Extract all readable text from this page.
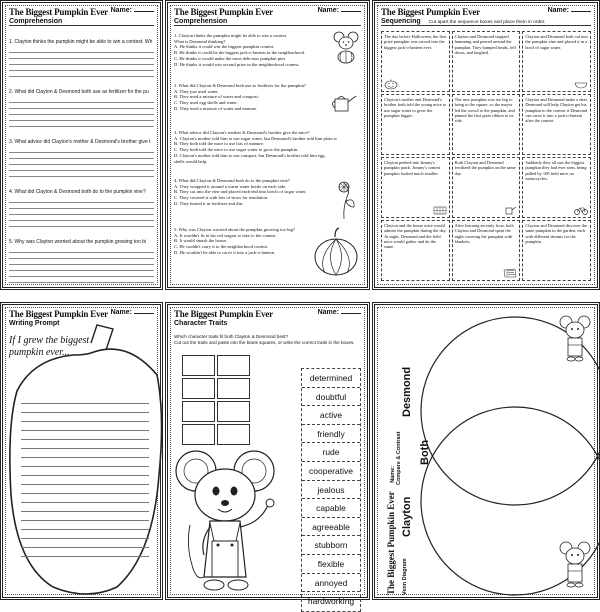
The Biggest Pumpkin Ever Name:
Comprehension
1. Clayton thinks the pumpkin might be able to win a contest. Wh
2. What did Clayton & Desmond both use as fertilizer for the pu
3. What advice did Clayton's mother & Desmond's brother give t
4. What did Clayton & Desmond both do to the pumpkin vine?
5. Why was Clayton worried about the pumpkin growing too bi
The Biggest Pumpkin Ever	Name:
Comprehension
1. Clayton thinks the pumpkin might be able to win a contest.
What is Desmond thinking?
A. He thinks it could win the biggest pumpkin contest.
B. He thinks it could be the biggest jack-o-lantern in the neighborhood.
C. He thinks it would make the most delicious pumpkin pies.
D. He thinks it would win second prize in the neighborhood contest.
2. What did Clayton & Desmond both use as fertilizer for the pumpkin?
A. They just used water.
B. They used a mixture of water and compost.
C. They used egg shells and water.
D. They used a mixture of water and manure.
3. What advice did Clayton's mother & Desmond's brother give the mice?
A. Clayton's mother told him to use sugar water, but Desmond's brother told him plain w
B. They both told the mice to use lots of manure.
C. They both told the mice to use sugar water to grow the pumpkin.
D. Clayton's mother told him to use compost, but Desmond's brother told him egg
shells would help.
4. What did Clayton & Desmond both do to the pumpkin vine?
A. They wrapped it around a warm water bottle on each side.
B. They cut into the vine and placed each end into bowls of sugar water.
C. They covered it with lots of straw for insulation.
D. They buried it in fertilizer and dirt.
5. Why was Clayton worried about the pumpkin growing too big?
A. It wouldn't fit in his red wagon to take to the contest.
B. It would smash the house.
C. He couldn't carry it to the neighborhood contest.
D. He wouldn't be able to carve it into a jack-o-lantern.
The Biggest Pumpkin Ever	Name:
Sequencing Cut apart the sequence boxes and place them in order.
The day before Halloween, the first prize pumpkin was carved into the biggest jack-o-lantern ever.
Clayton and Desmond stopped humming and peered around the pumpkin. They bumped heads, fell down, and laughed.
Clayton and Desmond both cut into the pumpkin vine and placed it in a bowl of sugar water.
Clayton's mother and Desmond's brother both told the young mice to use sugar water to grow the pumpkin bigger.
The new pumpkin was too big to bring to the square, so the mayor led the crowd to the pumpkin, and pinned the first prize ribbon to its side.
Clayton and Desmond make a deal. Desmond will help Clayton get his pumpkin to the contest if Desmond can carve it into a jack-o-lantern after the contest.
Clayton peeked into Jimmy's pumpkin patch. Jimmy's contest pumpkin looked much smaller.
Both Clayton and Desmond fertilized the pumpkin on the same day.
Suddenly they all saw the biggest pumpkin they had ever seen, being pulled by 100 field mice on motorcycles.
Clayton and the house mice would admire the pumpkin during the day. At night, Desmond and the field mice would gather and do the same.
After learning an early frost, both Clayton and Desmond spent the night covering the pumpkin with blankets.
Clayton and Desmond discover the same pumpkin in the garden, each with different dreams for the pumpkin.
The Biggest Pumpkin Ever Name:
Writing Prompt
If I grew the biggest pumpkin ever...
The Biggest Pumpkin Ever	Name:
Character Traits
Which character traits fit both Clayton & Desmond best?
Cut out the traits and paste into the blank squares, or write the correct traits in the boxes.
determined
doubtful
active
friendly
rude
cooperative
jealous
capable
agreeable
stubborn
flexible
annoyed
hardworking
The Biggest Pumpkin Ever Name:
Venn Diagram
Compare & Contrast
Desmond
Both
Clayton
